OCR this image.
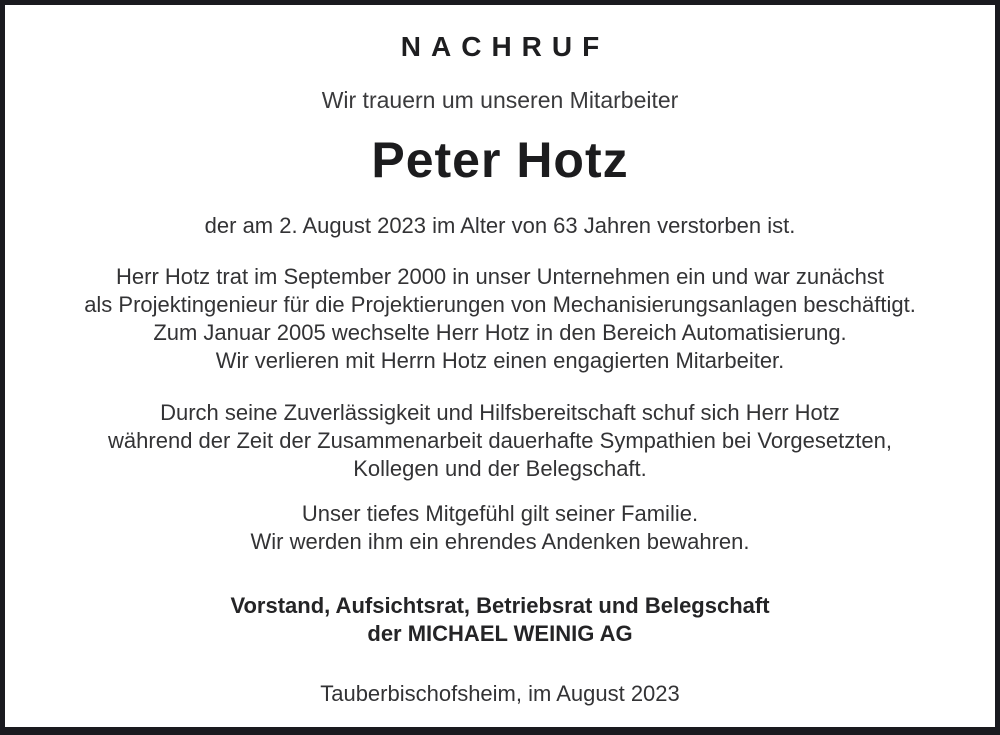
NACHRUF
Wir trauern um unseren Mitarbeiter
Peter Hotz
der am 2. August 2023 im Alter von 63 Jahren verstorben ist.

Herr Hotz trat im September 2000 in unser Unternehmen ein und war zunächst
als Projektingenieur für die Projektierungen von Mechanisierungsanlagen beschäftigt.
Zum Januar 2005 wechselte Herr Hotz in den Bereich Automatisierung.
Wir verlieren mit Herrn Hotz einen engagierten Mitarbeiter.

Durch seine Zuverlässigkeit und Hilfsbereitschaft schuf sich Herr Hotz
während der Zeit der Zusammenarbeit dauerhafte Sympathien bei Vorgesetzten,
Kollegen und der Belegschaft.

Unser tiefes Mitgefühl gilt seiner Familie.
Wir werden ihm ein ehrendes Andenken bewahren.

Vorstand, Aufsichtsrat, Betriebsrat und Belegschaft
der MICHAEL WEINIG AG
Tauberbischofsheim, im August 2023
